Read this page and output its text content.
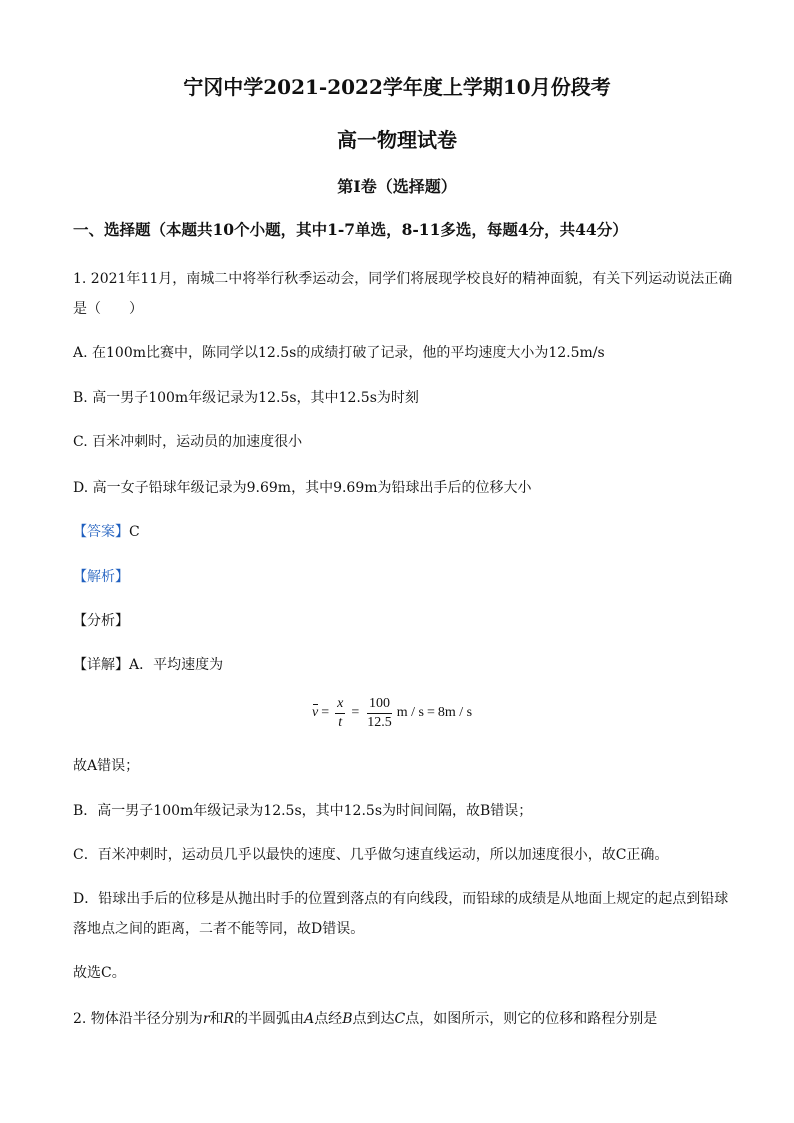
宁冈中学2021-2022学年度上学期10月份段考
高一物理试卷
第I卷（选择题）
一、选择题（本题共10个小题，其中1-7单选，8-11多选，每题4分，共44分）
1. 2021年11月，南城二中将举行秋季运动会，同学们将展现学校良好的精神面貌，有关下列运动说法正确
是（　　）
A. 在100m比赛中，陈同学以12.5s的成绩打破了记录，他的平均速度大小为12.5m/s
B. 高一男子100m年级记录为12.5s，其中12.5s为时刻
C. 百米冲刺时，运动员的加速度很小
D. 高一女子铅球年级记录为9.69m，其中9.69m为铅球出手后的位移大小
【答案】C
【解析】
【分析】
【详解】A．平均速度为
$v = \frac{x}{t} = \frac{100}{12.5}$ m / s = 8m / s
故A错误；
B．高一男子100m年级记录为12.5s，其中12.5s为时间间隔，故B错误；
C．百米冲刺时，运动员几乎以最快的速度、几乎做匀速直线运动，所以加速度很小，故C正确。
D．铅球出手后的位移是从抛出时手的位置到落点的有向线段，而铅球的成绩是从地面上规定的起点到铅球
落地点之间的距离，二者不能等同，故D错误。
故选C。
2. 物体沿半径分别为r和R的半圆弧由A点经B点到达C点，如图所示，则它的位移和路程分别是
